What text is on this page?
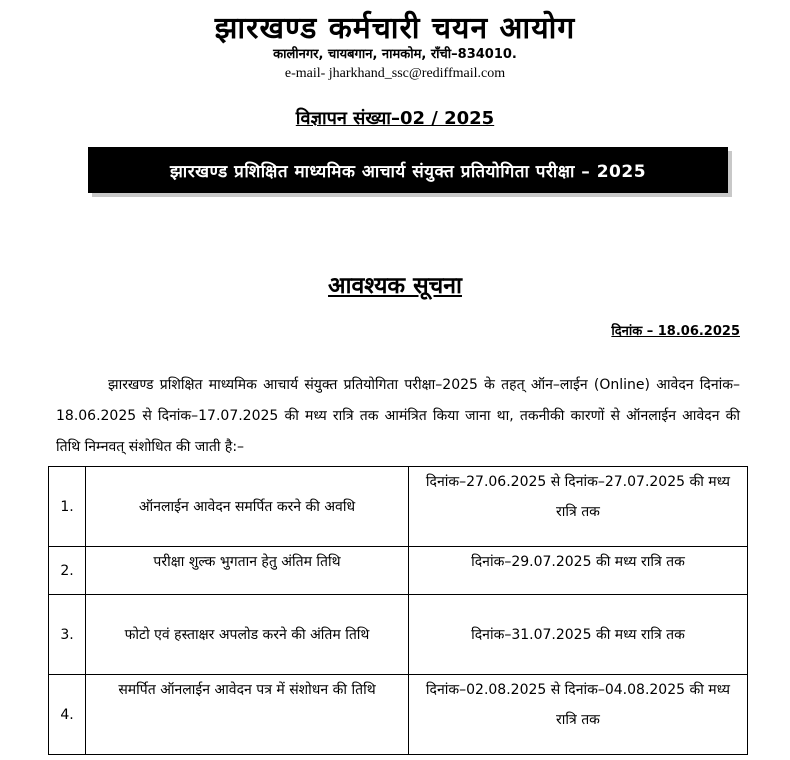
झारखण्ड कर्मचारी चयन आयोग
कालीनगर, चायबगान, नामकोम, राँची–834010.
e-mail- jharkhand_ssc@rediffmail.com
विज्ञापन संख्या–02 / 2025
झारखण्ड प्रशिक्षित माध्यमिक आचार्य संयुक्त प्रतियोगिता परीक्षा – 2025
आवश्यक सूचना
दिनांक – 18.06.2025
झारखण्ड प्रशिक्षित माध्यमिक आचार्य संयुक्त प्रतियोगिता परीक्षा–2025 के तहत् ऑन–लाईन (Online) आवेदन दिनांक–18.06.2025 से दिनांक–17.07.2025 की मध्य रात्रि तक आमंत्रित किया जाना था, तकनीकी कारणों से ऑनलाईन आवेदन की तिथि निम्नवत् संशोधित की जाती है:–
1.	ऑनलाईन आवेदन समर्पित करने की अवधि	दिनांक–27.06.2025 से दिनांक–27.07.2025 की मध्य रात्रि तक
2.	परीक्षा शुल्क भुगतान हेतु अंतिम तिथि	दिनांक–29.07.2025 की मध्य रात्रि तक
3.	फोटो एवं हस्ताक्षर अपलोड करने की अंतिम तिथि	दिनांक–31.07.2025 की मध्य रात्रि तक
4.	समर्पित ऑनलाईन आवेदन पत्र में संशोधन की तिथि	दिनांक–02.08.2025 से दिनांक–04.08.2025 की मध्य रात्रि तक
